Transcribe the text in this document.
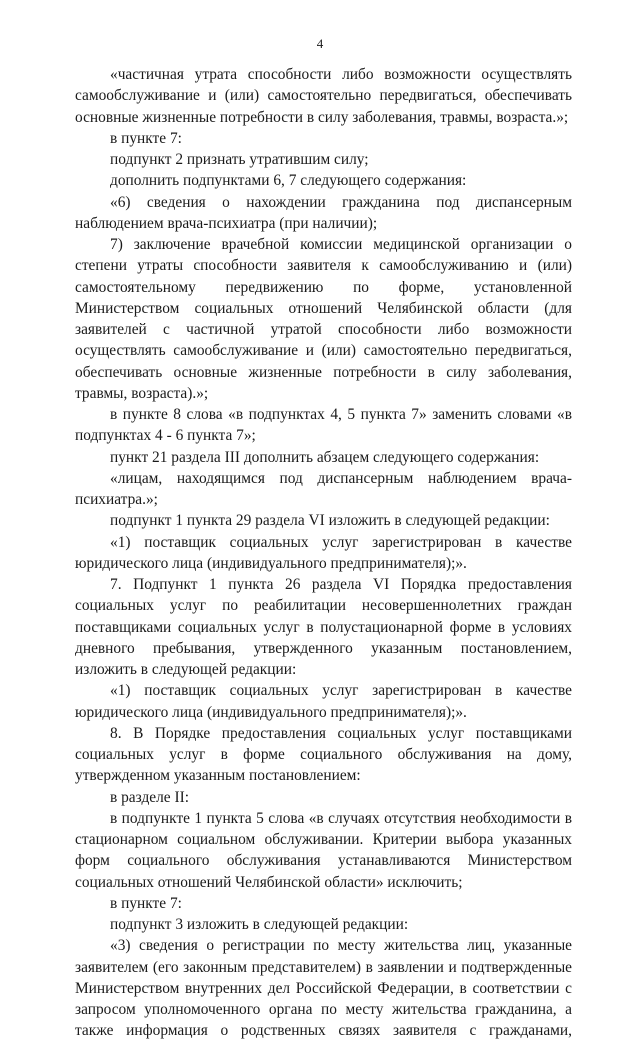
4

«частичная утрата способности либо возможности осуществлять самообслуживание и (или) самостоятельно передвигаться, обеспечивать основные жизненные потребности в силу заболевания, травмы, возраста.»;

в пункте 7:

подпункт 2 признать утратившим силу;

дополнить подпунктами 6, 7 следующего содержания:

«6) сведения о нахождении гражданина под диспансерным наблюдением врача-психиатра (при наличии);

7) заключение врачебной комиссии медицинской организации о степени утраты способности заявителя к самообслуживанию и (или) самостоятельному передвижению по форме, установленной Министерством социальных отношений Челябинской области (для заявителей с частичной утратой способности либо возможности осуществлять самообслуживание и (или) самостоятельно передвигаться, обеспечивать основные жизненные потребности в силу заболевания, травмы, возраста).»;

в пункте 8 слова «в подпунктах 4, 5 пункта 7» заменить словами «в подпунктах 4 - 6 пункта 7»;

пункт 21 раздела III дополнить абзацем следующего содержания:

«лицам, находящимся под диспансерным наблюдением врача-психиатра.»;

подпункт 1 пункта 29 раздела VI изложить в следующей редакции:

«1) поставщик социальных услуг зарегистрирован в качестве юридического лица (индивидуального предпринимателя);».

7. Подпункт 1 пункта 26 раздела VI Порядка предоставления социальных услуг по реабилитации несовершеннолетних граждан поставщиками социальных услуг в полустационарной форме в условиях дневного пребывания, утвержденного указанным постановлением, изложить в следующей редакции:

«1) поставщик социальных услуг зарегистрирован в качестве юридического лица (индивидуального предпринимателя);».

8. В Порядке предоставления социальных услуг поставщиками социальных услуг в форме социального обслуживания на дому, утвержденном указанным постановлением:

в разделе II:

в подпункте 1 пункта 5 слова «в случаях отсутствия необходимости в стационарном социальном обслуживании. Критерии выбора указанных форм социального обслуживания устанавливаются Министерством социальных отношений Челябинской области» исключить;

в пункте 7:

подпункт 3 изложить в следующей редакции:

«3) сведения о регистрации по месту жительства лиц, указанные заявителем (его законным представителем) в заявлении и подтвержденные Министерством внутренних дел Российской Федерации, в соответствии с запросом уполномоченного органа по месту жительства гражданина, а также информация о родственных связях заявителя с гражданами,
